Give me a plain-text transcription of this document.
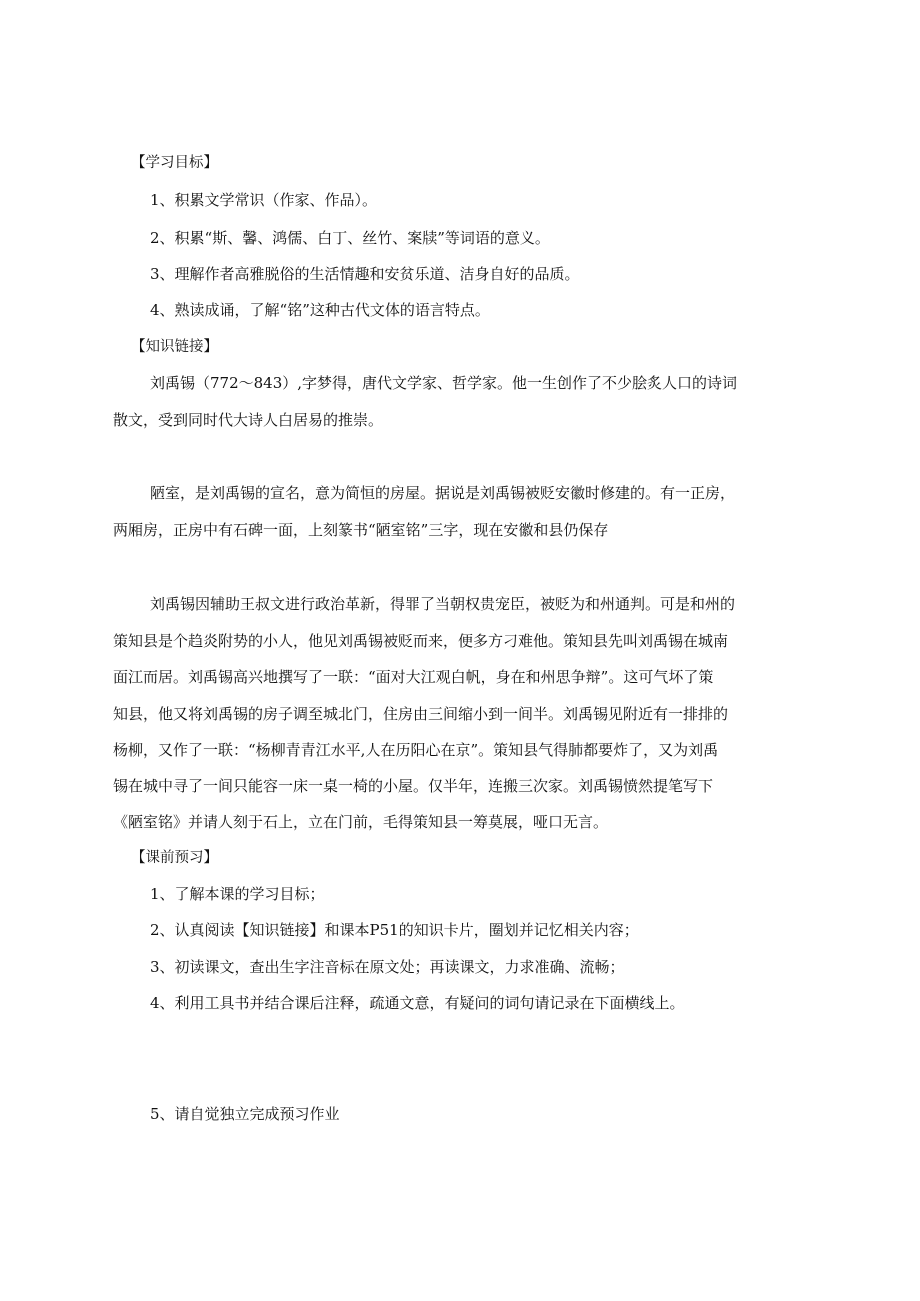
【学习目标】
1、积累文学常识（作家、作品）。
2、积累“斯、馨、鸿儒、白丁、丝竹、案牍”等词语的意义。
3、理解作者高雅脱俗的生活情趣和安贫乐道、洁身自好的品质。
4、熟读成诵，了解“铭”这种古代文体的语言特点。
【知识链接】
刘禹锡（772～843）,字梦得，唐代文学家、哲学家。他一生创作了不少脍炙人口的诗词
散文，受到同时代大诗人白居易的推崇。
陋室，是刘禹锡的宣名，意为简恒的房屋。据说是刘禹锡被贬安徽时修建的。有一正房，
两厢房，正房中有石碑一面，上刻篆书“陋室铭”三字，现在安徽和县仍保存
刘禹锡因辅助王叔文进行政治革新，得罪了当朝权贵宠臣，被贬为和州通判。可是和州的
策知县是个趋炎附势的小人，他见刘禹锡被贬而来，便多方刁难他。策知县先叫刘禹锡在城南
面江而居。刘禹锡高兴地撰写了一联：“面对大江观白帆，身在和州思争辩”。这可气坏了策
知县，他又将刘禹锡的房子调至城北门，住房由三间缩小到一间半。刘禹锡见附近有一排排的
杨柳，又作了一联：“杨柳青青江水平,人在历阳心在京”。策知县气得肺都要炸了，又为刘禹
锡在城中寻了一间只能容一床一桌一椅的小屋。仅半年，连搬三次家。刘禹锡愤然提笔写下
《陋室铭》并请人刻于石上，立在门前，毛得策知县一筹莫展，哑口无言。
【课前预习】
1、了解本课的学习目标；
2、认真阅读【知识链接】和课本P51的知识卡片，圈划并记忆相关内容；
3、初读课文，查出生字注音标在原文处；再读课文，力求准确、流畅；
4、利用工具书并结合课后注释，疏通文意，有疑问的词句请记录在下面横线上。
5、请自觉独立完成预习作业
